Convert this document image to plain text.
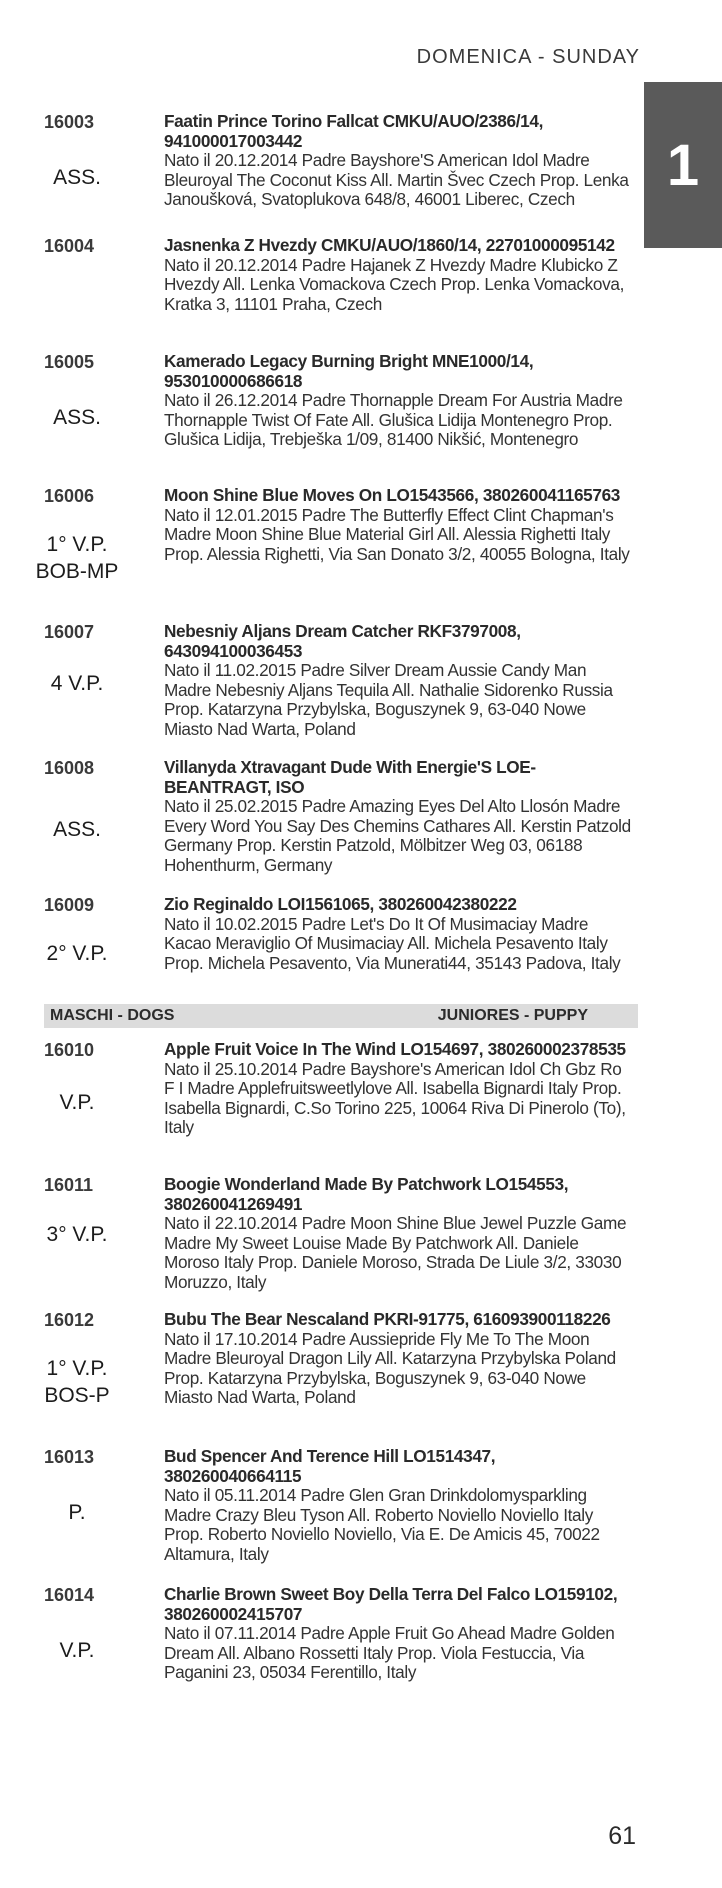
DOMENICA - SUNDAY
1
16003
ASS.
Faatin Prince Torino Fallcat CMKU/AUO/2386/14, 941000017003442
Nato il 20.12.2014 Padre Bayshore'S American Idol Madre Bleuroyal The Coconut Kiss All. Martin Švec Czech Prop. Lenka Janoušková, Svatoplukova 648/8, 46001 Liberec, Czech
16004	Jasnenka Z Hvezdy CMKU/AUO/1860/14, 22701000095142
Nato il 20.12.2014 Padre Hajanek Z Hvezdy Madre Klubicko Z Hvezdy All. Lenka Vomackova Czech Prop. Lenka Vomackova, Kratka 3, 11101 Praha, Czech
16005
ASS.
Kamerado Legacy Burning Bright MNE1000/14, 953010000686618
Nato il 26.12.2014 Padre Thornapple Dream For Austria Madre Thornapple Twist Of Fate All. Glušica Lidija Montenegro Prop. Glušica Lidija, Trebješka 1/09, 81400 Nikšić, Montenegro
16006
1° V.P.
BOB-MP
Moon Shine Blue Moves On LO1543566, 380260041165763
Nato il 12.01.2015 Padre The Butterfly Effect Clint Chapman's Madre Moon Shine Blue Material Girl All. Alessia Righetti Italy Prop. Alessia Righetti, Via San Donato 3/2, 40055 Bologna, Italy
16007
4 V.P.
Nebesniy Aljans Dream Catcher RKF3797008, 643094100036453
Nato il 11.02.2015 Padre Silver Dream Aussie Candy Man Madre Nebesniy Aljans Tequila All. Nathalie Sidorenko Russia Prop. Katarzyna Przybylska, Boguszynek 9, 63-040 Nowe Miasto Nad Warta, Poland
16008
ASS.
Villanyda Xtravagant Dude With Energie'S LOE-BEANTRAGT, ISO
Nato il 25.02.2015 Padre Amazing Eyes Del Alto Llosón Madre Every Word You Say Des Chemins Cathares All. Kerstin Patzold Germany Prop. Kerstin Patzold, Mölbitzer Weg 03, 06188 Hohenthurm, Germany
16009
2° V.P.
Zio Reginaldo LOI1561065, 380260042380222
Nato il 10.02.2015 Padre Let's Do It Of Musimaciay Madre Kacao Meraviglio Of Musimaciay All. Michela Pesavento Italy Prop. Michela Pesavento, Via Munerati44, 35143 Padova, Italy
16010
V.P.
Apple Fruit Voice In The Wind LO154697, 380260002378535
Nato il 25.10.2014 Padre Bayshore's American Idol Ch Gbz Ro F I Madre Applefruitsweetlylove All. Isabella Bignardi Italy Prop. Isabella Bignardi, C.So Torino 225, 10064 Riva Di Pinerolo (To), Italy
16011
3° V.P.
Boogie Wonderland Made By Patchwork LO154553, 380260041269491
Nato il 22.10.2014 Padre Moon Shine Blue Jewel Puzzle Game Madre My Sweet Louise Made By Patchwork All. Daniele Moroso Italy Prop. Daniele Moroso, Strada De Liule 3/2, 33030 Moruzzo, Italy
16012
1° V.P.
BOS-P
Bubu The Bear Nescaland PKRI-91775, 616093900118226
Nato il 17.10.2014 Padre Aussiepride Fly Me To The Moon Madre Bleuroyal Dragon Lily All. Katarzyna Przybylska Poland Prop. Katarzyna Przybylska, Boguszynek 9, 63-040 Nowe Miasto Nad Warta, Poland
16013
P.
Bud Spencer And Terence Hill LO1514347, 380260040664115
Nato il 05.11.2014 Padre Glen Gran Drinkdolomysparkling Madre Crazy Bleu Tyson All. Roberto Noviello Noviello Italy Prop. Roberto Noviello Noviello, Via E. De Amicis 45, 70022 Altamura, Italy
16014
V.P.
Charlie Brown Sweet Boy Della Terra Del Falco LO159102, 380260002415707
Nato il 07.11.2014 Padre Apple Fruit Go Ahead Madre Golden Dream All. Albano Rossetti Italy Prop. Viola Festuccia, Via Paganini 23, 05034 Ferentillo, Italy
MASCHI - DOGS	JUNIORES - PUPPY
61
